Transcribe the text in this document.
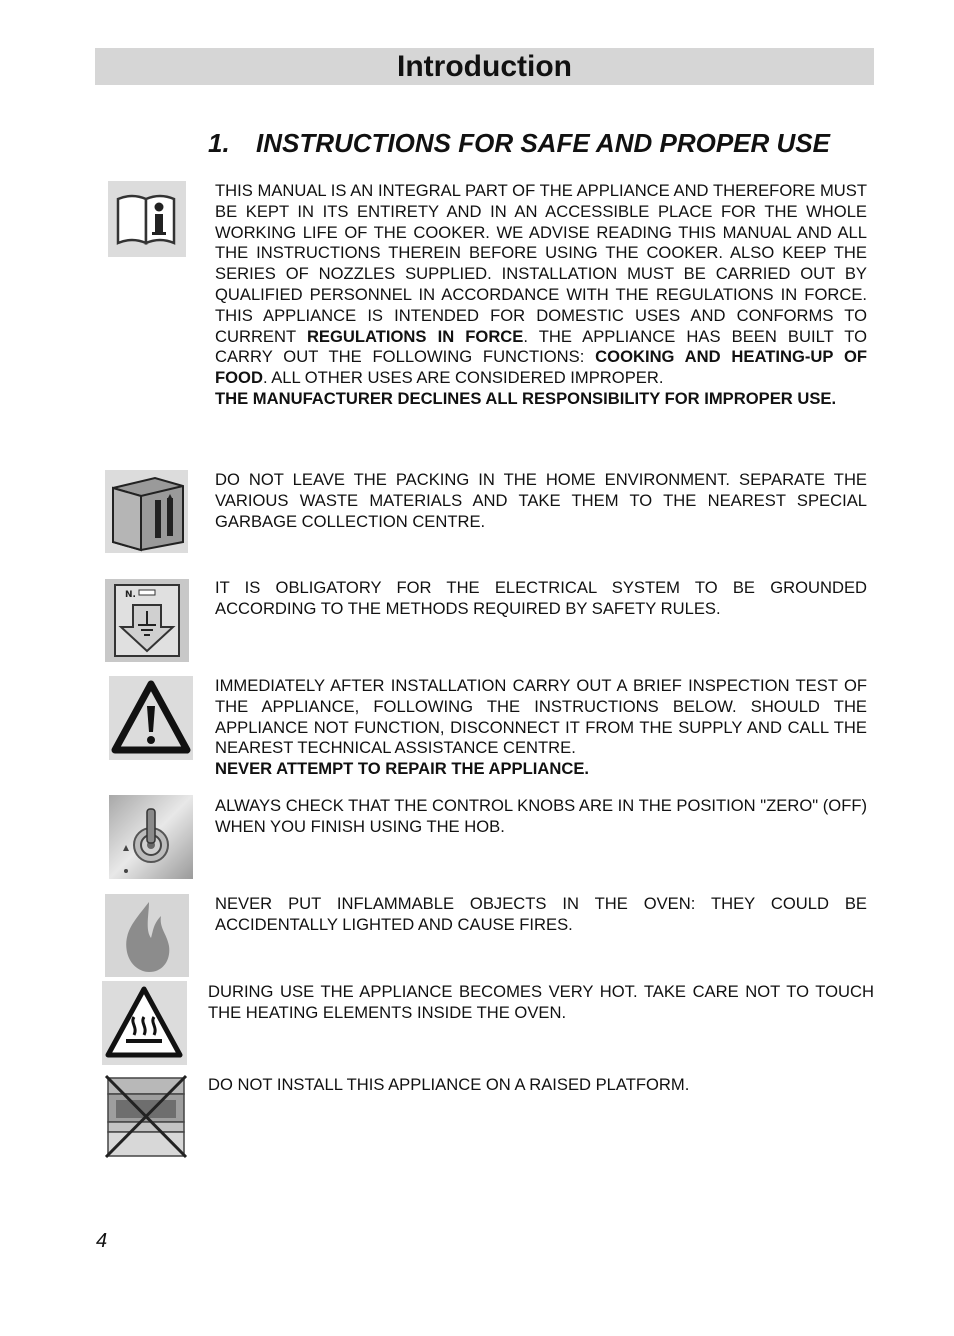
Introduction
1. INSTRUCTIONS FOR SAFE AND PROPER USE
THIS MANUAL IS AN INTEGRAL PART OF THE APPLIANCE AND THEREFORE MUST BE KEPT IN ITS ENTIRETY AND IN AN ACCESSIBLE PLACE FOR THE WHOLE WORKING LIFE OF THE COOKER. WE ADVISE READING THIS MANUAL AND ALL THE INSTRUCTIONS THEREIN BEFORE USING THE COOKER. ALSO KEEP THE SERIES OF NOZZLES SUPPLIED. INSTALLATION MUST BE CARRIED OUT BY QUALIFIED PERSONNEL IN ACCORDANCE WITH THE REGULATIONS IN FORCE. THIS APPLIANCE IS INTENDED FOR DOMESTIC USES AND CONFORMS TO CURRENT REGULATIONS IN FORCE. THE APPLIANCE HAS BEEN BUILT TO CARRY OUT THE FOLLOWING FUNCTIONS: COOKING AND HEATING-UP OF FOOD. ALL OTHER USES ARE CONSIDERED IMPROPER.
THE MANUFACTURER DECLINES ALL RESPONSIBILITY FOR IMPROPER USE.
DO NOT LEAVE THE PACKING IN THE HOME ENVIRONMENT. SEPARATE THE VARIOUS WASTE MATERIALS AND TAKE THEM TO THE NEAREST SPECIAL GARBAGE COLLECTION CENTRE.
N.	IT IS OBLIGATORY FOR THE ELECTRICAL SYSTEM TO BE GROUNDED ACCORDING TO THE METHODS REQUIRED BY SAFETY RULES.
IMMEDIATELY AFTER INSTALLATION CARRY OUT A BRIEF INSPECTION TEST OF THE APPLIANCE, FOLLOWING THE INSTRUCTIONS BELOW. SHOULD THE APPLIANCE NOT FUNCTION, DISCONNECT IT FROM THE SUPPLY AND CALL THE NEAREST TECHNICAL ASSISTANCE CENTRE.
NEVER ATTEMPT TO REPAIR THE APPLIANCE.
ALWAYS CHECK THAT THE CONTROL KNOBS ARE IN THE POSITION "ZERO" (OFF) WHEN YOU FINISH USING THE HOB.
NEVER PUT INFLAMMABLE OBJECTS IN THE OVEN: THEY COULD BE ACCIDENTALLY LIGHTED AND CAUSE FIRES.
DURING USE THE APPLIANCE BECOMES VERY HOT. TAKE CARE NOT TO TOUCH THE HEATING ELEMENTS INSIDE THE OVEN.
DO NOT INSTALL THIS APPLIANCE ON A RAISED PLATFORM.
4
